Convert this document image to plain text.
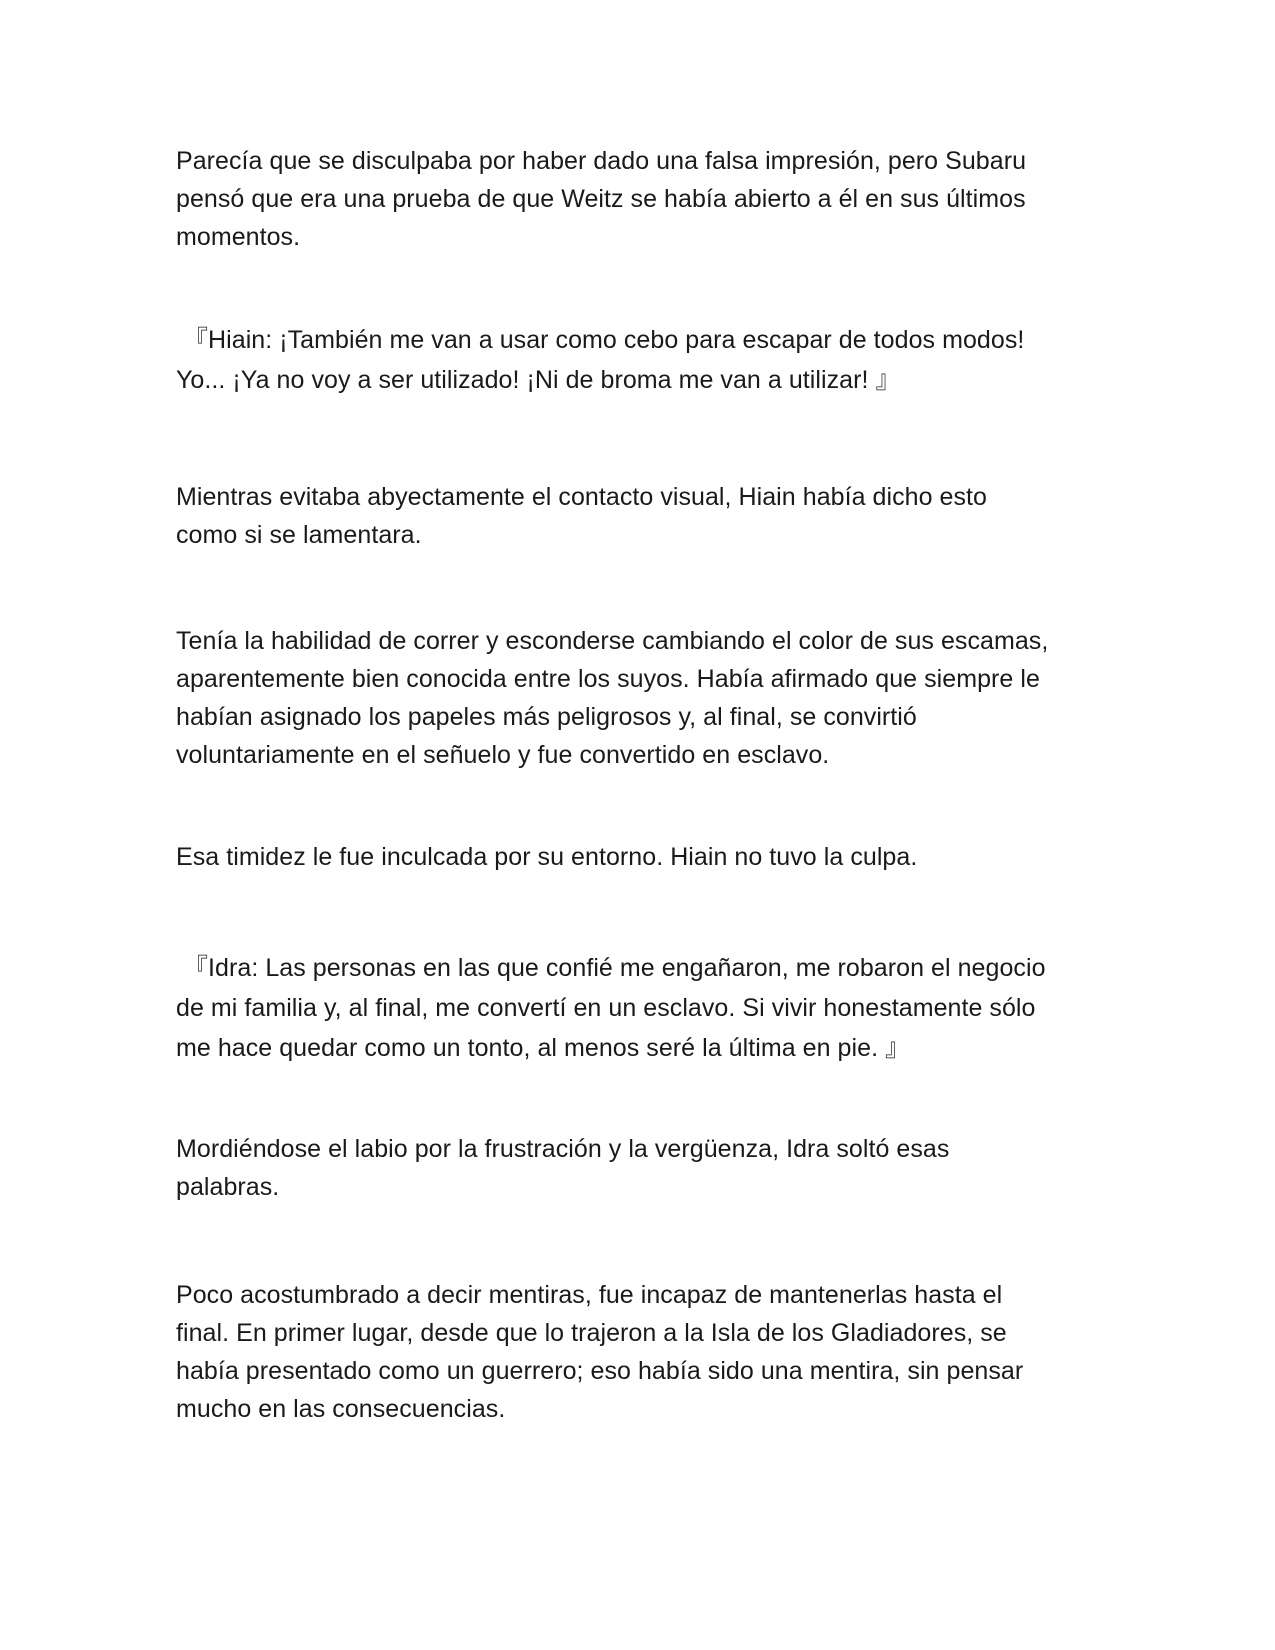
Parecía que se disculpaba por haber dado una falsa impresión, pero Subaru
pensó que era una prueba de que Weitz se había abierto a él en sus últimos
momentos.

『Hiain: ¡También me van a usar como cebo para escapar de todos modos!
Yo... ¡Ya no voy a ser utilizado! ¡Ni de broma me van a utilizar! 』

Mientras evitaba abyectamente el contacto visual, Hiain había dicho esto
como si se lamentara.

Tenía la habilidad de correr y esconderse cambiando el color de sus escamas,
aparentemente bien conocida entre los suyos. Había afirmado que siempre le
habían asignado los papeles más peligrosos y, al final, se convirtió
voluntariamente en el señuelo y fue convertido en esclavo.

Esa timidez le fue inculcada por su entorno. Hiain no tuvo la culpa.

『Idra: Las personas en las que confié me engañaron, me robaron el negocio
de mi familia y, al final, me convertí en un esclavo. Si vivir honestamente sólo
me hace quedar como un tonto, al menos seré la última en pie. 』

Mordiéndose el labio por la frustración y la vergüenza, Idra soltó esas
palabras.

Poco acostumbrado a decir mentiras, fue incapaz de mantenerlas hasta el
final. En primer lugar, desde que lo trajeron a la Isla de los Gladiadores, se
había presentado como un guerrero; eso había sido una mentira, sin pensar
mucho en las consecuencias.
